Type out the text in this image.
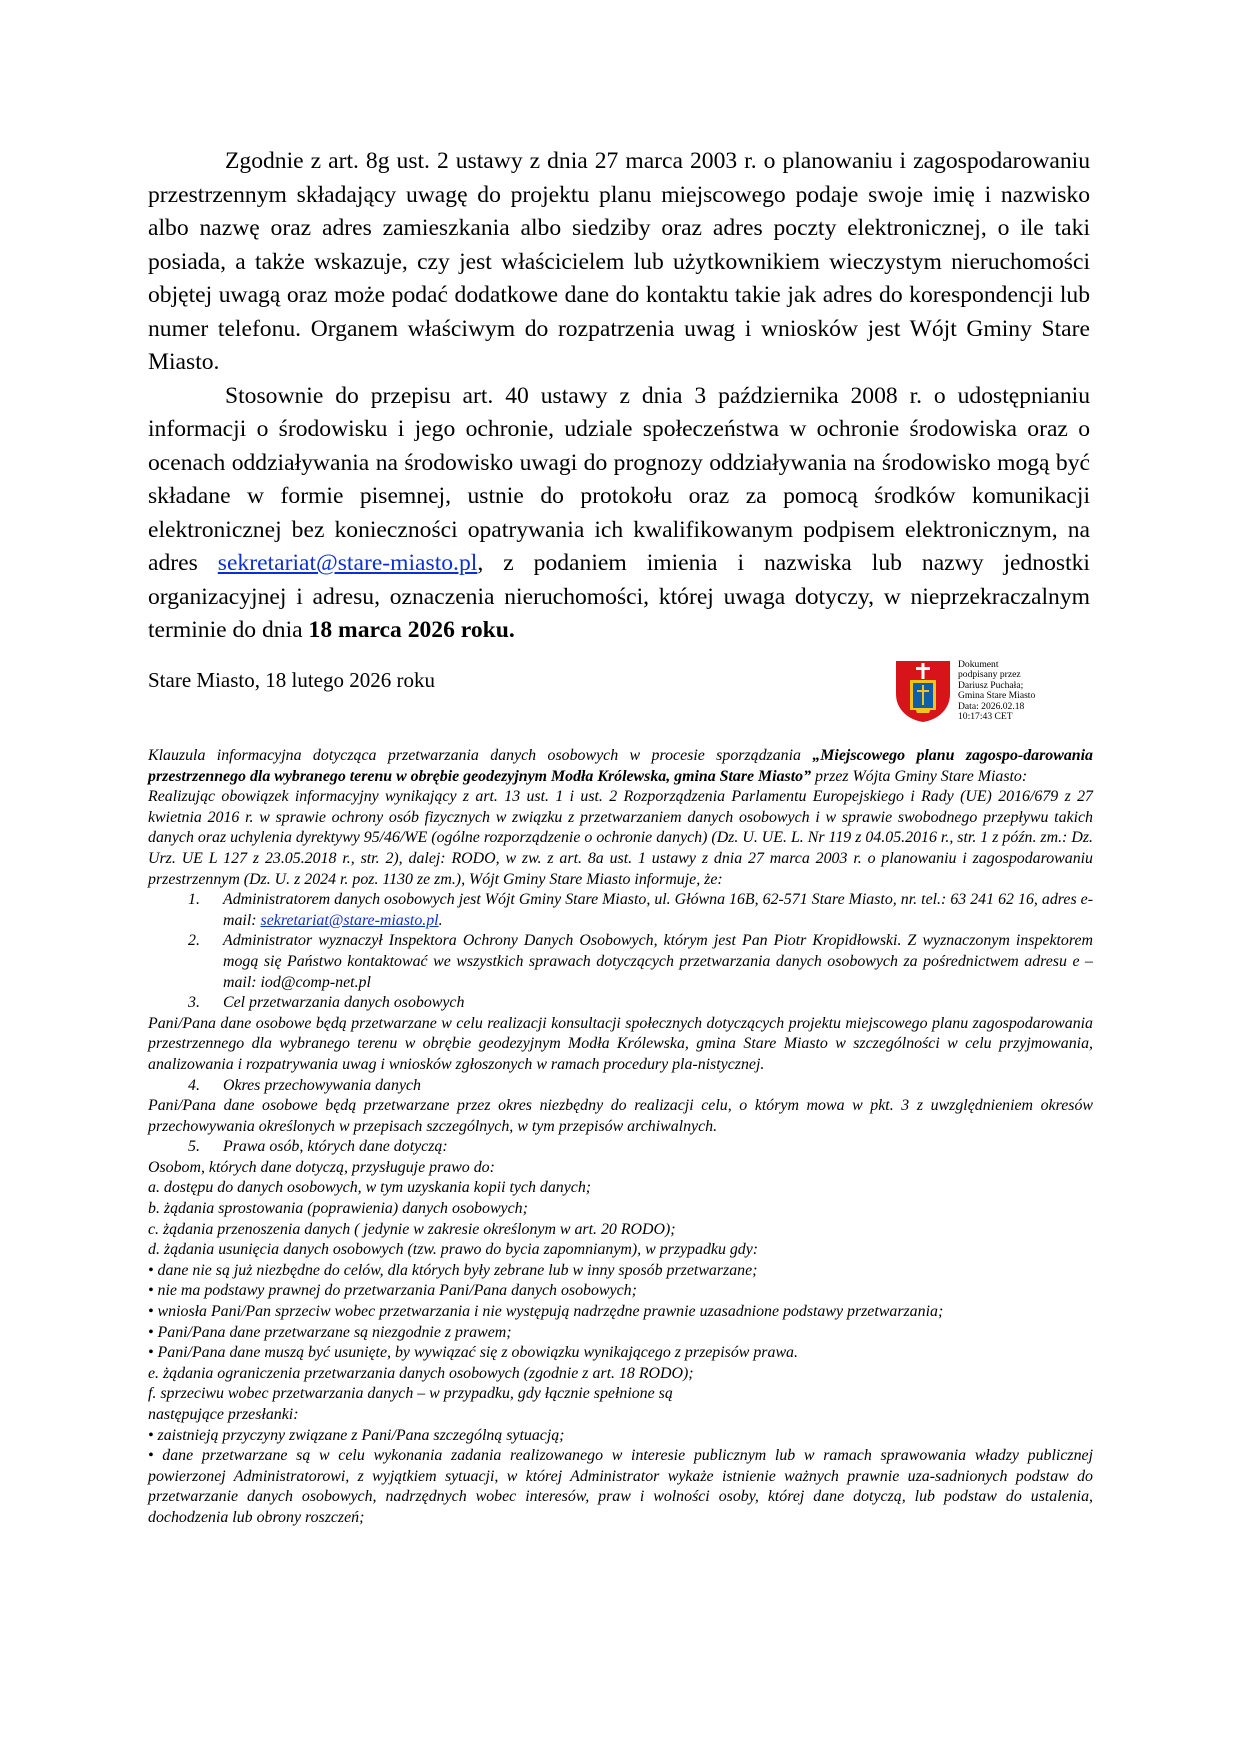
Zgodnie z art. 8g ust. 2 ustawy z dnia 27 marca 2003 r. o planowaniu i zagospodarowaniu przestrzennym składający uwagę do projektu planu miejscowego podaje swoje imię i nazwisko albo nazwę oraz adres zamieszkania albo siedziby oraz adres poczty elektronicznej, o ile taki posiada, a także wskazuje, czy jest właścicielem lub użytkownikiem wieczystym nieruchomości objętej uwagą oraz może podać dodatkowe dane do kontaktu takie jak adres do korespondencji lub numer telefonu. Organem właściwym do rozpatrzenia uwag i wniosków jest Wójt Gminy Stare Miasto.

Stosownie do przepisu art. 40 ustawy z dnia 3 października 2008 r. o udostępnianiu informacji o środowisku i jego ochronie, udziale społeczeństwa w ochronie środowiska oraz o ocenach oddziaływania na środowisko uwagi do prognozy oddziaływania na środowisko mogą być składane w formie pisemnej, ustnie do protokołu oraz za pomocą środków komunikacji elektronicznej bez konieczności opatrywania ich kwalifikowanym podpisem elektronicznym, na adres sekretariat@stare-miasto.pl, z podaniem imienia i nazwiska lub nazwy jednostki organizacyjnej i adresu, oznaczenia nieruchomości, której uwaga dotyczy, w nieprzekraczalnym terminie do dnia 18 marca 2026 roku.

Stare Miasto, 18 lutego 2026 roku
Dokument
podpisany przez
Dariusz Puchała;
Gmina Stare Miasto
Data: 2026.02.18
10:17:43 CET

Klauzula informacyjna dotycząca przetwarzania danych osobowych w procesie sporządzania „Miejscowego planu zagospo-darowania przestrzennego dla wybranego terenu w obrębie geodezyjnym Modła Królewska, gmina Stare Miasto” przez Wójta Gminy Stare Miasto:

Realizując obowiązek informacyjny wynikający z art. 13 ust. 1 i ust. 2 Rozporządzenia Parlamentu Europejskiego i Rady (UE) 2016/679 z 27 kwietnia 2016 r. w sprawie ochrony osób fizycznych w związku z przetwarzaniem danych osobowych i w sprawie swobodnego przepływu takich danych oraz uchylenia dyrektywy 95/46/WE (ogólne rozporządzenie o ochronie danych) (Dz. U. UE. L. Nr 119 z 04.05.2016 r., str. 1 z późn. zm.: Dz. Urz. UE L 127 z 23.05.2018 r., str. 2), dalej: RODO, w zw. z art. 8a ust. 1 ustawy z dnia 27 marca 2003 r. o planowaniu i zagospodarowaniu przestrzennym (Dz. U. z 2024 r. poz. 1130 ze zm.), Wójt Gminy Stare Miasto informuje, że:

1.	Administratorem danych osobowych jest Wójt Gminy Stare Miasto, ul. Główna 16B, 62-571 Stare Miasto, nr. tel.: 63 241 62 16, adres e-mail: sekretariat@stare-miasto.pl.
2.	Administrator wyznaczył Inspektora Ochrony Danych Osobowych, którym jest Pan Piotr Kropidłowski. Z wyznaczonym inspektorem mogą się Państwo kontaktować we wszystkich sprawach dotyczących przetwarzania danych osobowych za pośrednictwem adresu e – mail: iod@comp-net.pl
3.	Cel przetwarzania danych osobowych

Pani/Pana dane osobowe będą przetwarzane w celu realizacji konsultacji społecznych dotyczących projektu miejscowego planu zagospodarowania przestrzennego dla wybranego terenu w obrębie geodezyjnym Modła Królewska, gmina Stare Miasto w szczególności w celu przyjmowania, analizowania i rozpatrywania uwag i wniosków zgłoszonych w ramach procedury pla-nistycznej.

4.	Okres przechowywania danych

Pani/Pana dane osobowe będą przetwarzane przez okres niezbędny do realizacji celu, o którym mowa w pkt. 3 z uwzględnieniem okresów przechowywania określonych w przepisach szczególnych, w tym przepisów archiwalnych.

5.	Prawa osób, których dane dotyczą:

Osobom, których dane dotyczą, przysługuje prawo do:

a. dostępu do danych osobowych, w tym uzyskania kopii tych danych;

b. żądania sprostowania (poprawienia) danych osobowych;

c. żądania przenoszenia danych ( jedynie w zakresie określonym w art. 20 RODO);

d. żądania usunięcia danych osobowych (tzw. prawo do bycia zapomnianym), w przypadku gdy:

• dane nie są już niezbędne do celów, dla których były zebrane lub w inny sposób przetwarzane;

• nie ma podstawy prawnej do przetwarzania Pani/Pana danych osobowych;

• wniosła Pani/Pan sprzeciw wobec przetwarzania i nie występują nadrzędne prawnie uzasadnione podstawy przetwarzania;

• Pani/Pana dane przetwarzane są niezgodnie z prawem;

• Pani/Pana dane muszą być usunięte, by wywiązać się z obowiązku wynikającego z przepisów prawa.

e. żądania ograniczenia przetwarzania danych osobowych (zgodnie z art. 18 RODO);

f. sprzeciwu wobec przetwarzania danych – w przypadku, gdy łącznie spełnione są

następujące przesłanki:

• zaistnieją przyczyny związane z Pani/Pana szczególną sytuacją;

• dane przetwarzane są w celu wykonania zadania realizowanego w interesie publicznym lub w ramach sprawowania władzy publicznej powierzonej Administratorowi, z wyjątkiem sytuacji, w której Administrator wykaże istnienie ważnych prawnie uza-sadnionych podstaw do przetwarzanie danych osobowych, nadrzędnych wobec interesów, praw i wolności osoby, której dane dotyczą, lub podstaw do ustalenia, dochodzenia lub obrony roszczeń;
